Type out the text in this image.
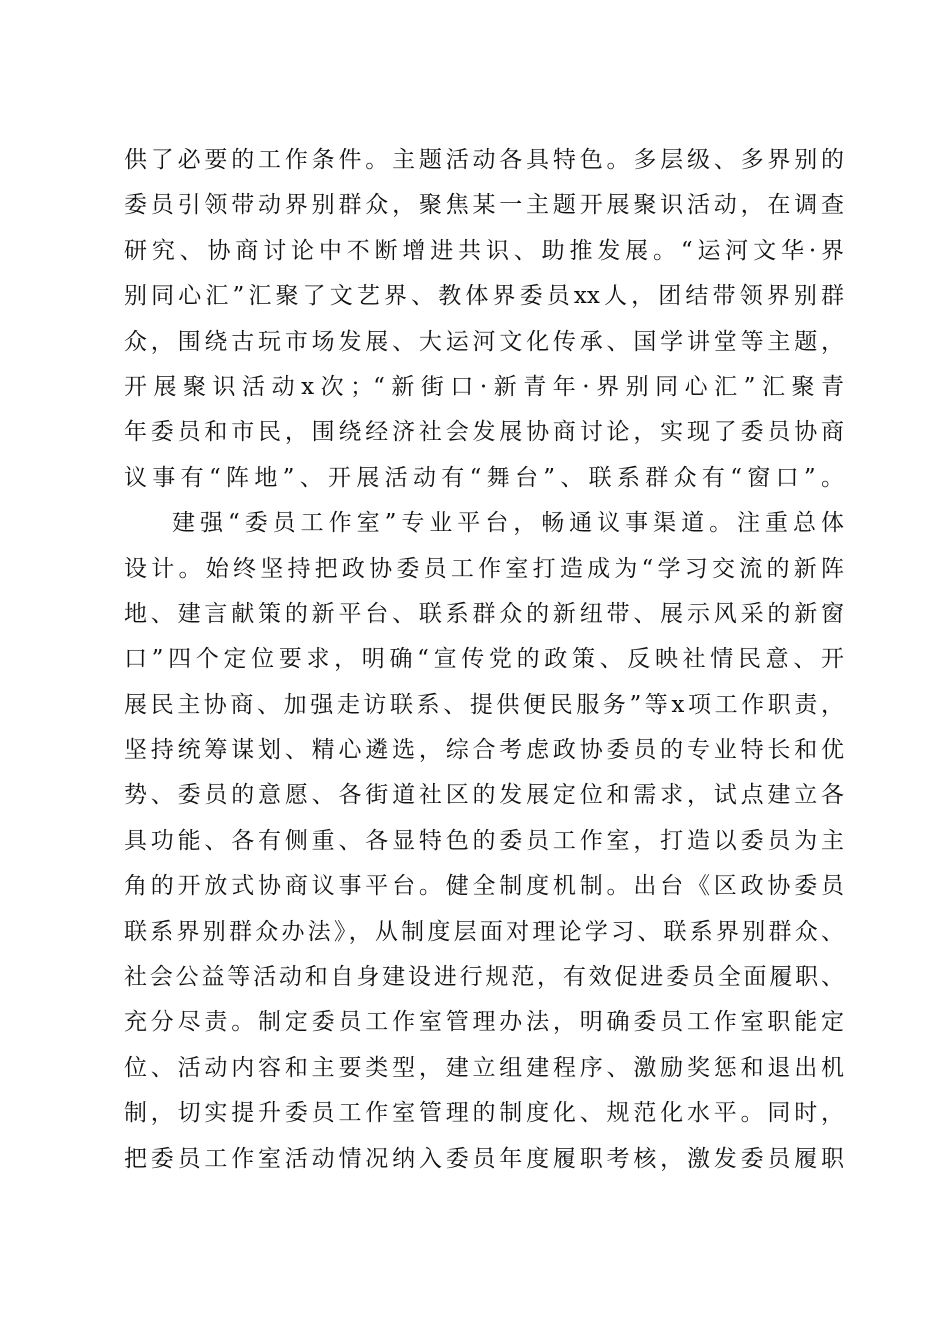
供了必要的工作条件。主题活动各具特色。多层级、多界别的
委员引领带动界别群众，聚焦某一主题开展聚识活动，在调查
研究、协商讨论中不断增进共识、助推发展。“运河文华·界
别同心汇”汇聚了文艺界、教体界委员xx人，团结带领界别群
众，围绕古玩市场发展、大运河文化传承、国学讲堂等主题，
开展聚识活动x次；“新街口·新青年·界别同心汇”汇聚青
年委员和市民，围绕经济社会发展协商讨论，实现了委员协商
议事有“阵地”、开展活动有“舞台”、联系群众有“窗口”。
建强“委员工作室”专业平台，畅通议事渠道。注重总体
设计。始终坚持把政协委员工作室打造成为“学习交流的新阵
地、建言献策的新平台、联系群众的新纽带、展示风采的新窗
口”四个定位要求，明确“宣传党的政策、反映社情民意、开
展民主协商、加强走访联系、提供便民服务”等x项工作职责，
坚持统筹谋划、精心遴选，综合考虑政协委员的专业特长和优
势、委员的意愿、各街道社区的发展定位和需求，试点建立各
具功能、各有侧重、各显特色的委员工作室，打造以委员为主
角的开放式协商议事平台。健全制度机制。出台《区政协委员
联系界别群众办法》，从制度层面对理论学习、联系界别群众、
社会公益等活动和自身建设进行规范，有效促进委员全面履职、
充分尽责。制定委员工作室管理办法，明确委员工作室职能定
位、活动内容和主要类型，建立组建程序、激励奖惩和退出机
制，切实提升委员工作室管理的制度化、规范化水平。同时，
把委员工作室活动情况纳入委员年度履职考核，激发委员履职
